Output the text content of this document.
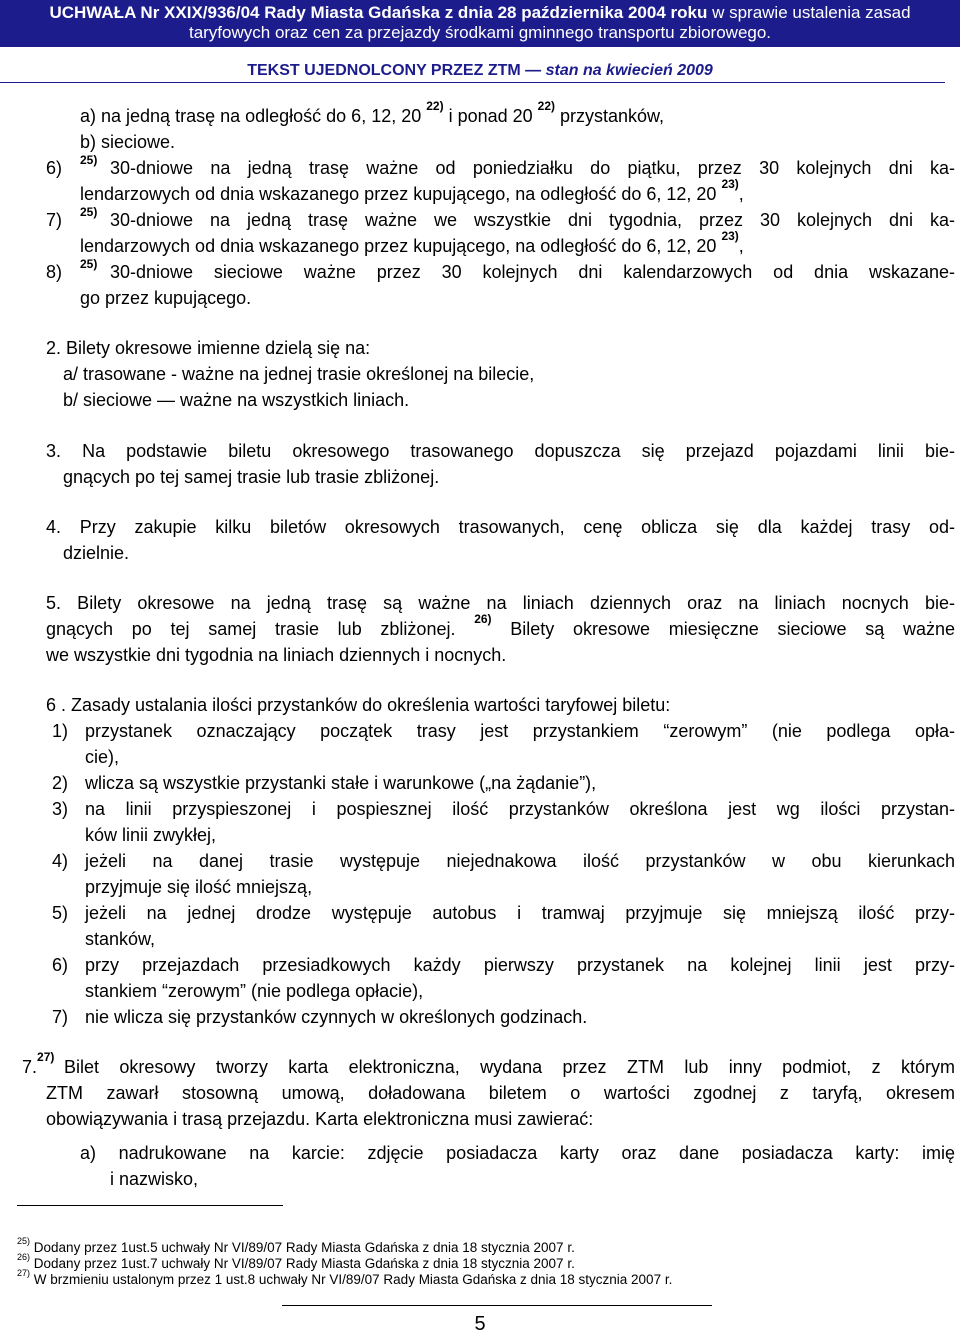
UCHWAŁA Nr XXIX/936/04 Rady Miasta Gdańska z dnia 28 października 2004 roku w sprawie ustalenia zasad
taryfowych oraz cen za przejazdy środkami gminnego transportu zbiorowego.
TEKST UJEDNOLCONY PRZEZ ZTM — stan na kwiecień 2009
a) na jedną trasę na odległość do 6, 12, 20 $^{22)}$ i ponad 20 $^{22)}$ przystanków,
b) sieciowe.
6) 25) 30-dniowe na jedną trasę ważne od poniedziałku do piątku, przez 30 kolejnych dni ka-
lendarzowych od dnia wskazanego przez kupującego, na odległość do 6, 12, 20 $^{23)}$,
7) 25) 30-dniowe na jedną trasę ważne we wszystkie dni tygodnia, przez 30 kolejnych dni ka-
lendarzowych od dnia wskazanego przez kupującego, na odległość do 6, 12, 20 $^{23)}$,
8) 25) 30-dniowe sieciowe ważne przez 30 kolejnych dni kalendarzowych od dnia wskazane-
go przez kupującego.
2. Bilety okresowe imienne dzielą się na:
a/ trasowane - ważne na jednej trasie określonej na bilecie,
b/ sieciowe — ważne na wszystkich liniach.
3. Na podstawie biletu okresowego trasowanego dopuszcza się przejazd pojazdami linii bie-
gnących po tej samej trasie lub trasie zbliżonej.
4. Przy zakupie kilku biletów okresowych trasowanych, cenę oblicza się dla każdej trasy od-
dzielnie.
5. Bilety okresowe na jedną trasę są ważne na liniach dziennych oraz na liniach nocnych bie-
gnących po tej samej trasie lub zbliżonej. $^{26)}$ Bilety okresowe miesięczne sieciowe są ważne
we wszystkie dni tygodnia na liniach dziennych i nocnych.
6 . Zasady ustalania ilości przystanków do określenia wartości taryfowej biletu:
1) przystanek oznaczający początek trasy jest przystankiem “zerowym” (nie podlega opła-
cie),
2) wlicza są wszystkie przystanki stałe i warunkowe („na żądanie”),
3) na linii przyspieszonej i pospiesznej ilość przystanków określona jest wg ilości przystan-
ków linii zwykłej,
4) jeżeli na danej trasie występuje niejednakowa ilość przystanków w obu kierunkach
przyjmuje się ilość mniejszą,
5) jeżeli na jednej drodze występuje autobus i tramwaj przyjmuje się mniejszą ilość przy-
stanków,
6) przy przejazdach przesiadkowych każdy pierwszy przystanek na kolejnej linii jest przy-
stankiem “zerowym” (nie podlega opłacie),
7) nie wlicza się przystanków czynnych w określonych godzinach.
7.$^{27)}$ Bilet okresowy tworzy karta elektroniczna, wydana przez ZTM lub inny podmiot, z którym
ZTM zawarł stosowną umową, doładowana biletem o wartości zgodnej z taryfą, okresem
obowiązywania i trasą przejazdu. Karta elektroniczna musi zawierać:
a) nadrukowane na karcie: zdjęcie posiadacza karty oraz dane posiadacza karty: imię
i nazwisko,
$^{25)}$ Dodany przez 1ust.5 uchwały Nr VI/89/07 Rady Miasta Gdańska z dnia 18 stycznia 2007 r.
$^{26)}$ Dodany przez 1ust.7 uchwały Nr VI/89/07 Rady Miasta Gdańska z dnia 18 stycznia 2007 r.
$^{27)}$ W brzmieniu ustalonym przez 1 ust.8 uchwały Nr VI/89/07 Rady Miasta Gdańska z dnia 18 stycznia 2007 r.
5
